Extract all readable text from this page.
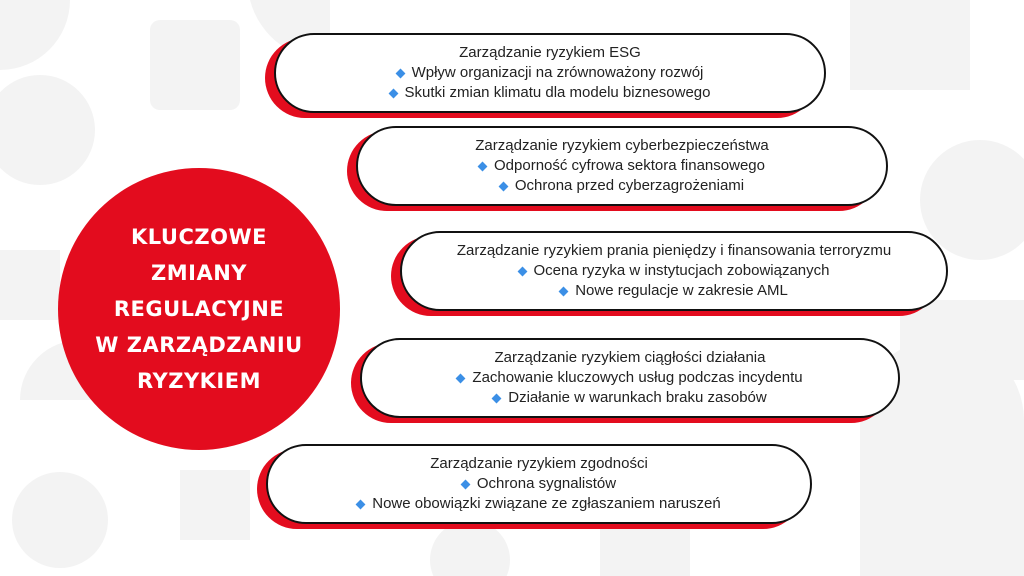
KLUCZOWE
ZMIANY
REGULACYJNE
W ZARZĄDZANIU
RYZYKIEM
Zarządzanie ryzykiem ESG
Wpływ organizacji na zrównoważony rozwój
Skutki zmian klimatu dla modelu biznesowego
Zarządzanie ryzykiem cyberbezpieczeństwa
Odporność cyfrowa sektora finansowego
Ochrona przed cyberzagrożeniami
Zarządzanie ryzykiem prania pieniędzy i finansowania terroryzmu
Ocena ryzyka w instytucjach zobowiązanych
Nowe regulacje w zakresie AML
Zarządzanie ryzykiem ciągłości działania
Zachowanie kluczowych usług podczas incydentu
Działanie w warunkach braku zasobów
Zarządzanie ryzykiem zgodności
Ochrona sygnalistów
Nowe obowiązki związane ze zgłaszaniem naruszeń
